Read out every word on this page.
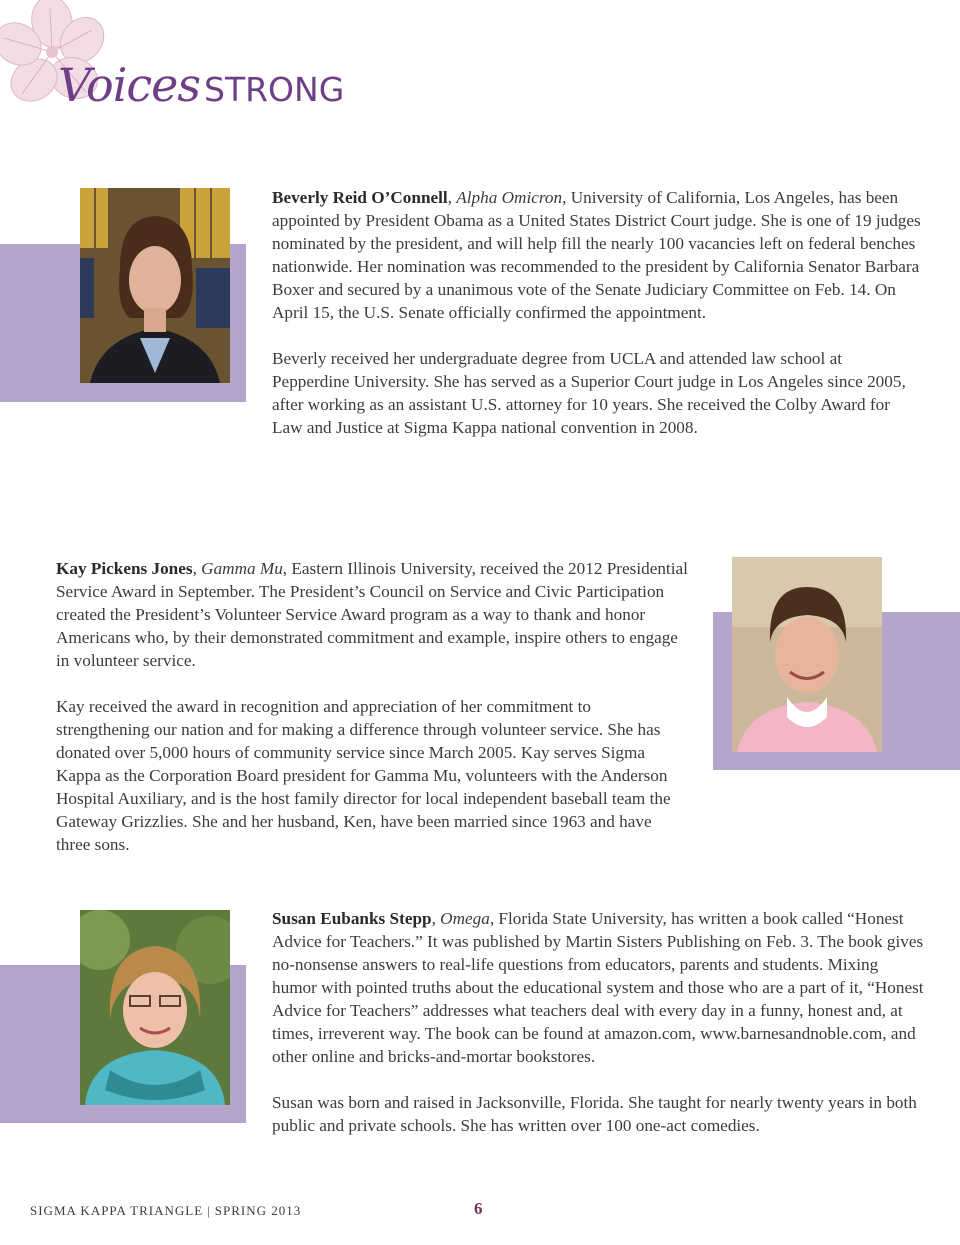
Voices STRONG

Beverly Reid O’Connell, Alpha Omicron, University of California, Los Angeles, has been appointed by President Obama as a United States District Court judge. She is one of 19 judges nominated by the president, and will help fill the nearly 100 vacancies left on federal benches nationwide. Her nomination was recommended to the president by California Senator Barbara Boxer and secured by a unanimous vote of the Senate Judiciary Committee on Feb. 14. On April 15, the U.S. Senate officially confirmed the appointment.

Beverly received her undergraduate degree from UCLA and attended law school at Pepperdine University. She has served as a Superior Court judge in Los Angeles since 2005, after working as an assistant U.S. attorney for 10 years. She received the Colby Award for Law and Justice at Sigma Kappa national convention in 2008.

Kay Pickens Jones, Gamma Mu, Eastern Illinois University, received the 2012 Presidential Service Award in September. The President’s Council on Service and Civic Participation created the President’s Volunteer Service Award program as a way to thank and honor Americans who, by their demonstrated commitment and example, inspire others to engage in volunteer service.

Kay received the award in recognition and appreciation of her commitment to strengthening our nation and for making a difference through volunteer service. She has donated over 5,000 hours of community service since March 2005. Kay serves Sigma Kappa as the Corporation Board president for Gamma Mu, volunteers with the Anderson Hospital Auxiliary, and is the host family director for local independent baseball team the Gateway Grizzlies. She and her husband, Ken, have been married since 1963 and have three sons.

Susan Eubanks Stepp, Omega, Florida State University, has written a book called “Honest Advice for Teachers.” It was published by Martin Sisters Publishing on Feb. 3. The book gives no-nonsense answers to real-life questions from educators, parents and students. Mixing humor with pointed truths about the educational system and those who are a part of it, “Honest Advice for Teachers” addresses what teachers deal with every day in a funny, honest and, at times, irreverent way. The book can be found at amazon.com, www.barnesandnoble.com, and other online and bricks-and-mortar bookstores.

Susan was born and raised in Jacksonville, Florida. She taught for nearly twenty years in both public and private schools. She has written over 100 one-act comedies.

SIGMA KAPPA TRIANGLE | SPRING 2013	6
